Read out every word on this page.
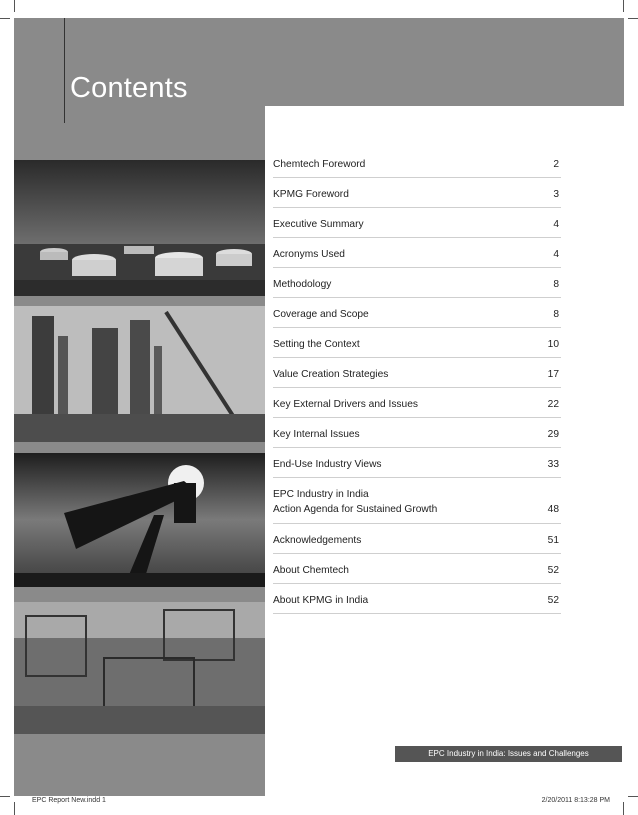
Contents
Chemtech Foreword	2
KPMG Foreword	3
Executive Summary	4
Acronyms Used	4
Methodology	8
Coverage and Scope	8
Setting the Context	10
Value Creation Strategies	17
Key External Drivers and Issues	22
Key Internal Issues	29
End-Use Industry Views	33
EPC Industry in India
Action Agenda for Sustained Growth	48
Acknowledgements	51
About Chemtech	52
About KPMG in India	52
EPC Industry in India: Issues and Challenges
EPC Report New.indd 1	2/20/2011 8:13:28 PM
